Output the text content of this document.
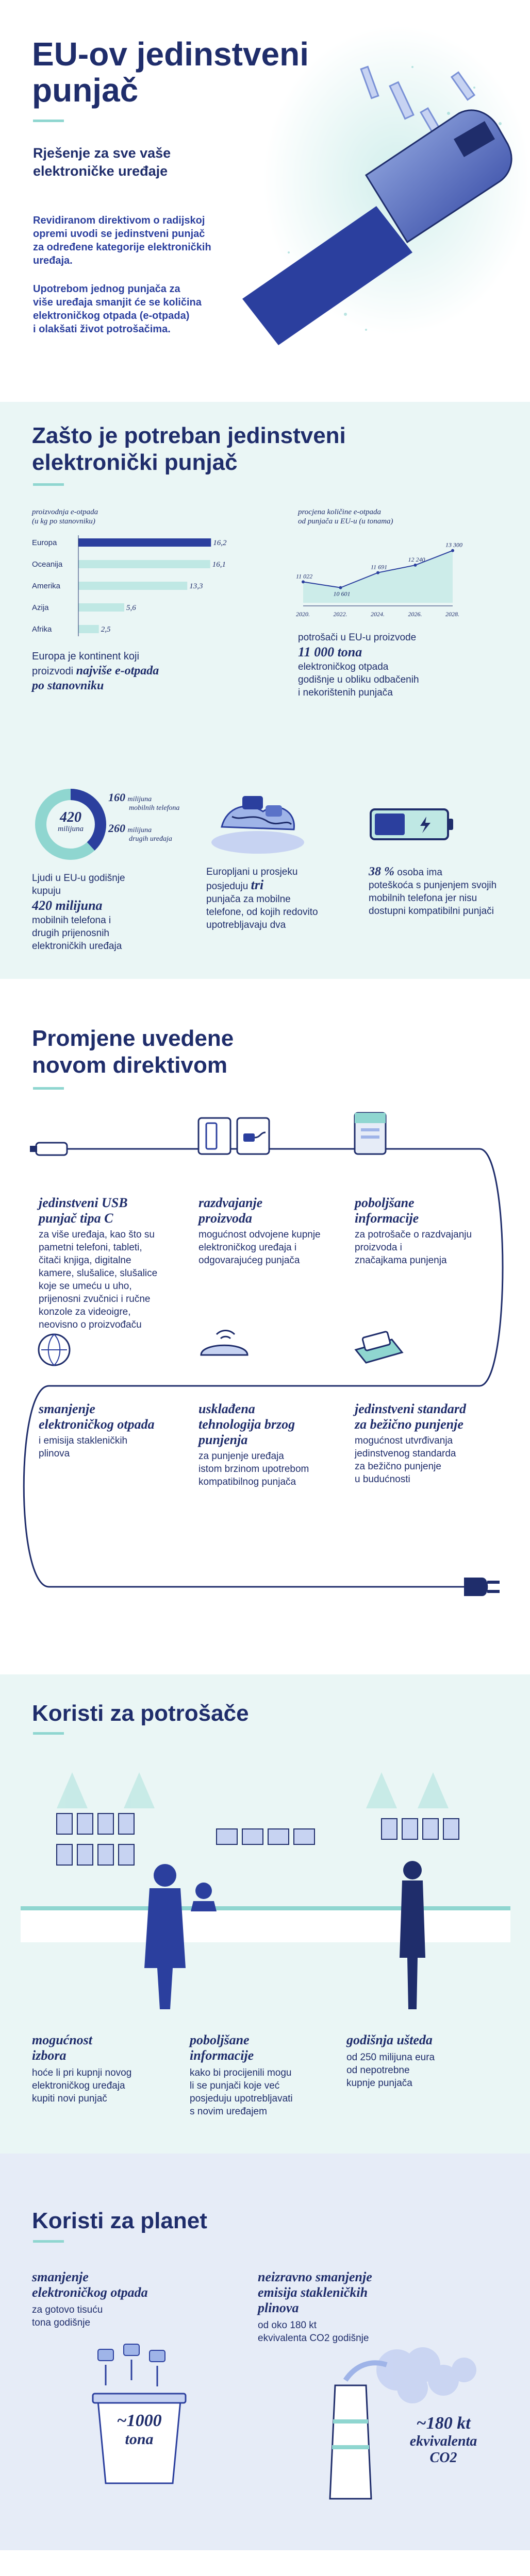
EU-ov jedinstveni
punjač
Rješenje za sve vaše
elektroničke uređaje
Revidiranom direktivom o radijskoj
opremi uvodi se jedinstveni punjač
za određene kategorije elektroničkih
uređaja.
Upotrebom jednog punjača za
više uređaja smanjit će se količina
elektroničkog otpada (e-otpada)
i olakšati život potrošačima.
Zašto je potreban jedinstveni
elektronički punjač
proizvodnja e-otpada
(u kg po stanovniku)
Europa	16,2
Oceanija	16,1
Amerika	13,3
Azija	5,6
Afrika	2,5
Europa je kontinent koji
proizvodi najviše e-otpada
po stanovniku
procjena količine e-otpada
od punjača u EU-u (u tonama)
11 022
10 601
11 691
12 240
13 300
2020.	2022.	2024.	2026.	2028.
potrošači u EU-u proizvode
11 000 tona
elektroničkog otpada
godišnje u obliku odbačenih
i nekorištenih punjača
420
milijuna
160 milijuna
mobilnih telefona
260 milijuna
drugih uređaja
Ljudi u EU-u godišnje
kupuju
420 milijuna
mobilnih telefona i
drugih prijenosnih
elektroničkih uređaja
Europljani u prosjeku
posjeduju tri
punjača za mobilne
telefone, od kojih redovito
upotrebljavaju dva
38 % osoba ima
poteškoća s punjenjem svojih
mobilnih telefona jer nisu
dostupni kompatibilni punjači
Promjene uvedene
novom direktivom
jedinstveni USB
punjač tipa C
za više uređaja, kao što su
pametni telefoni, tableti,
čitači knjiga, digitalne
kamere, slušalice, slušalice
koje se umeću u uho,
prijenosni zvučnici i ručne
konzole za videoigre,
neovisno o proizvođaču
razdvajanje
proizvoda
mogućnost odvojene kupnje
elektroničkog uređaja i
odgovarajućeg punjača
poboljšane
informacije
za potrošače o razdvajanju
proizvoda i
značajkama punjenja
smanjenje
elektroničkog otpada
i emisija stakleničkih
plinova
usklađena
tehnologija brzog
punjenja
za punjenje uređaja
istom brzinom upotrebom
kompatibilnog punjača
jedinstveni standard
za bežično punjenje
mogućnost utvrđivanja
jedinstvenog standarda
za bežično punjenje
u budućnosti
Koristi za potrošače
mogućnost
izbora
hoće li pri kupnji novog
elektroničkog uređaja
kupiti novi punjač
poboljšane
informacije
kako bi procijenili mogu
li se punjači koje već
posjeduju upotrebljavati
s novim uređajem
godišnja ušteda
od 250 milijuna eura
od nepotrebne
kupnje punjača
Koristi za planet
smanjenje
elektroničkog otpada
za gotovo tisuću
tona godišnje
~1000
tona
neizravno smanjenje
emisija stakleničkih
plinova
od oko 180 kt
ekvivalenta CO2 godišnje
~180 kt
ekvivalenta
CO2
